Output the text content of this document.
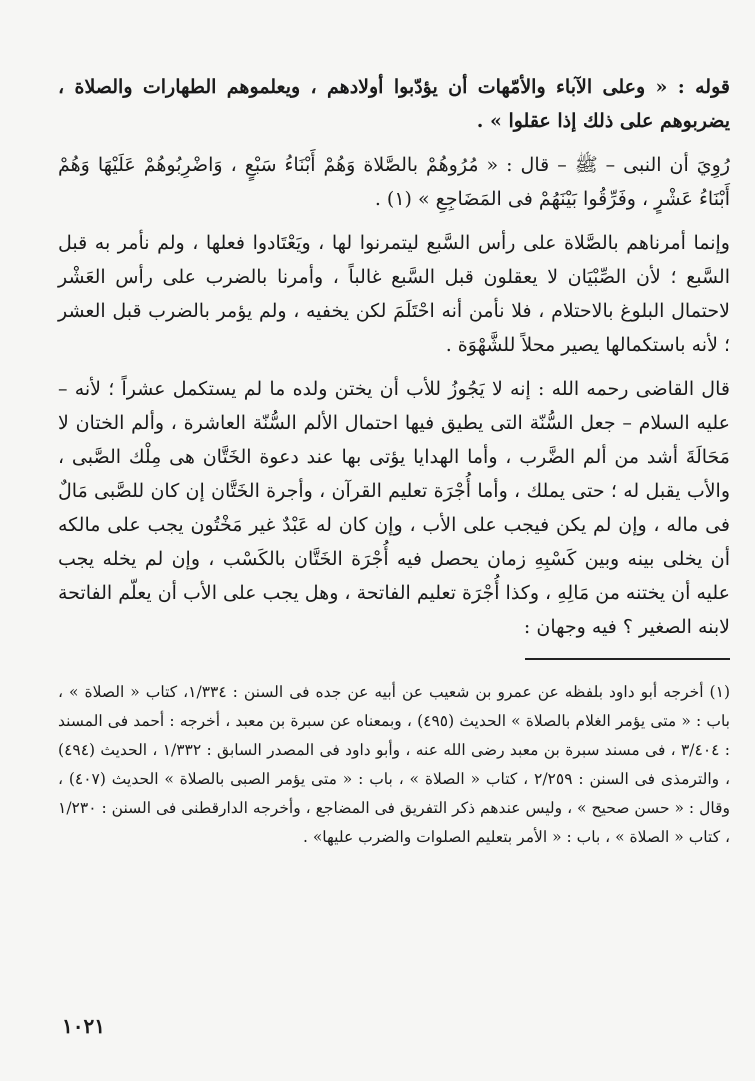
قوله : « وعلى الآباء والأمّهات أن يؤدّبوا أولادهم ، ويعلموهم الطهارات والصلاة ، يضربوهم على ذلك إذا عقلوا » .

رُوِيَ أن النبى – ﷺ – قال : « مُرُوهُمْ بالصَّلاة وَهُمْ أَبْنَاءُ سَبْعٍ ، وَاضْرِبُوهُمْ عَلَيْهَا وَهُمْ أَبْنَاءُ عَشْرٍ ، وفَرِّقُوا بَيْنَهُمْ فى المَضَاجِعِ » (١) .

وإنما أمرناهم بالصَّلاة على رأس السَّبع ليتمرنوا لها ، ويَعْتَادوا فعلها ، ولم نأمر به قبل السَّبع ؛ لأن الصِّبْيَان لا يعقلون قبل السَّبع غالباً ، وأمرنا بالضرب على رأس العَشْر لاحتمال البلوغ بالاحتلام ، فلا نأمن أنه احْتَلَمَ لكن يخفيه ، ولم يؤمر بالضرب قبل العشر ؛ لأنه باستكمالها يصير محلاً للشَّهْوَة .

قال القاضى رحمه الله : إنه لا يَجُوزُ للأب أن يختن ولده ما لم يستكمل عشراً ؛ لأنه – عليه السلام – جعل السُّنّة التى يطيق فيها احتمال الألم السُّنّة العاشرة ، وألم الختان لا مَحَالَةَ أشد من ألم الضَّرب ، وأما الهدايا يؤتى بها عند دعوة الخَتَّان هى مِلْك الصَّبى ، والأب يقبل له ؛ حتى يملك ، وأما أُجْرَة تعليم القرآن ، وأجرة الخَتَّان إن كان للصَّبى مَالٌ فى ماله ، وإن لم يكن فيجب على الأب ، وإن كان له عَبْدٌ غير مَخْتُون يجب على مالكه أن يخلى بينه وبين كَسْبِهِ زمان يحصل فيه أُجْرَة الخَتَّان بالكَسْب ، وإن لم يخله يجب عليه أن يختنه من مَالِهِ ، وكذا أُجْرَة تعليم الفاتحة ، وهل يجب على الأب أن يعلّم الفاتحة لابنه الصغير ؟ فيه وجهان :

(١) أخرجه أبو داود بلفظه عن عمرو بن شعيب عن أبيه عن جده فى السنن : ١/٣٣٤، كتاب « الصلاة » ، باب : « متى يؤمر الغلام بالصلاة » الحديث (٤٩٥) ، وبمعناه عن سبرة بن معبد ، أخرجه : أحمد فى المسند : ٣/٤٠٤ ، فى مسند سبرة بن معبد رضى الله عنه ، وأبو داود فى المصدر السابق : ١/٣٣٢ ، الحديث (٤٩٤) ، والترمذى فى السنن : ٢/٢٥٩ ، كتاب « الصلاة » ، باب : « متى يؤمر الصبى بالصلاة » الحديث (٤٠٧) ، وقال : « حسن صحيح » ، وليس عندهم ذكر التفريق فى المضاجع ، وأخرجه الدارقطنى فى السنن : ١/٢٣٠ ، كتاب « الصلاة » ، باب : « الأمر بتعليم الصلوات والضرب عليها» .

١٠٢١
